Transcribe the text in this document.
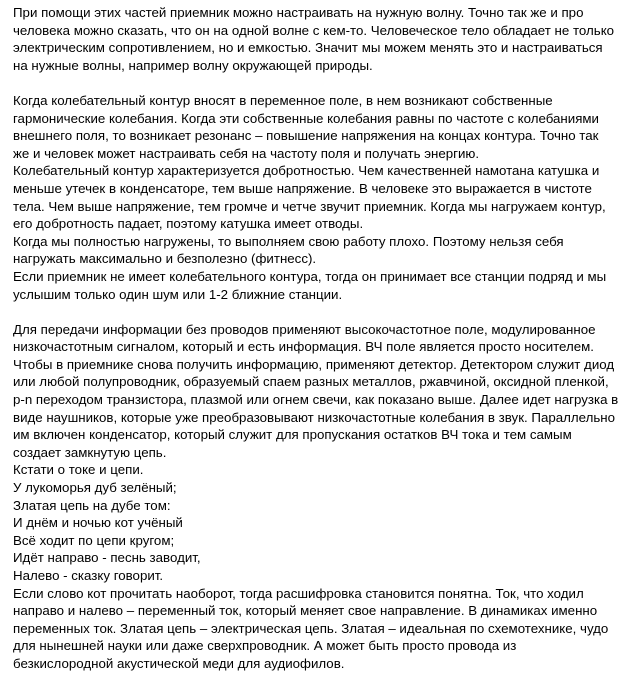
При помощи этих частей приемник можно настраивать на нужную волну. Точно так же и про
человека можно сказать, что он на одной волне с кем-то. Человеческое тело обладает не только
электрическим сопротивлением, но и емкостью. Значит мы можем менять это и настраиваться
на нужные волны, например волну окружающей природы.

Когда колебательный контур вносят в переменное поле, в нем возникают собственные
гармонические колебания. Когда эти собственные колебания равны по частоте с колебаниями
внешнего поля, то возникает резонанс – повышение напряжения на концах контура. Точно так
же и человек может настраивать себя на частоту поля и получать энергию.

Колебательный контур характеризуется добротностью. Чем качественней намотана катушка и
меньше утечек в конденсаторе, тем выше напряжение. В человеке это выражается в чистоте
тела. Чем выше напряжение, тем громче и четче звучит приемник. Когда мы нагружаем контур,
его добротность падает, поэтому катушка имеет отводы.

Когда мы полностью нагружены, то выполняем свою работу плохо. Поэтому нельзя себя
нагружать максимально и безполезно (фитнесс).

Если приемник не имеет колебательного контура, тогда он принимает все станции подряд и мы
услышим только один шум или 1-2 ближние станции.

Для передачи информации без проводов применяют высокочастотное поле, модулированное
низкочастотным сигналом, который и есть информация. ВЧ поле является просто носителем.
Чтобы в приемнике снова получить информацию, применяют детектор. Детектором служит диод
или любой полупроводник, образуемый спаем разных металлов, ржавчиной, оксидной пленкой,
p-n переходом транзистора, плазмой или огнем свечи, как показано выше. Далее идет нагрузка в
виде наушников, которые уже преобразовывают низкочастотные колебания в звук. Параллельно
им включен конденсатор, который служит для пропускания остатков ВЧ тока и тем самым
создает замкнутую цепь.

Кстати о токе и цепи.

У лукоморья дуб зелёный;
Златая цепь на дубе том:
И днём и ночью кот учёный
Всё ходит по цепи кругом;
Идёт направо - песнь заводит,
Налево - сказку говорит.

Если слово кот прочитать наоборот, тогда расшифровка становится понятна. Ток, что ходил
направо и налево – переменный ток, который меняет свое направление. В динамиках именно
переменных ток. Златая цепь – электрическая цепь. Златая – идеальная по схемотехнике, чудо
для нынешней науки или даже сверхпроводник. А может быть просто провода из
безкислородной акустической меди для аудиофилов.
